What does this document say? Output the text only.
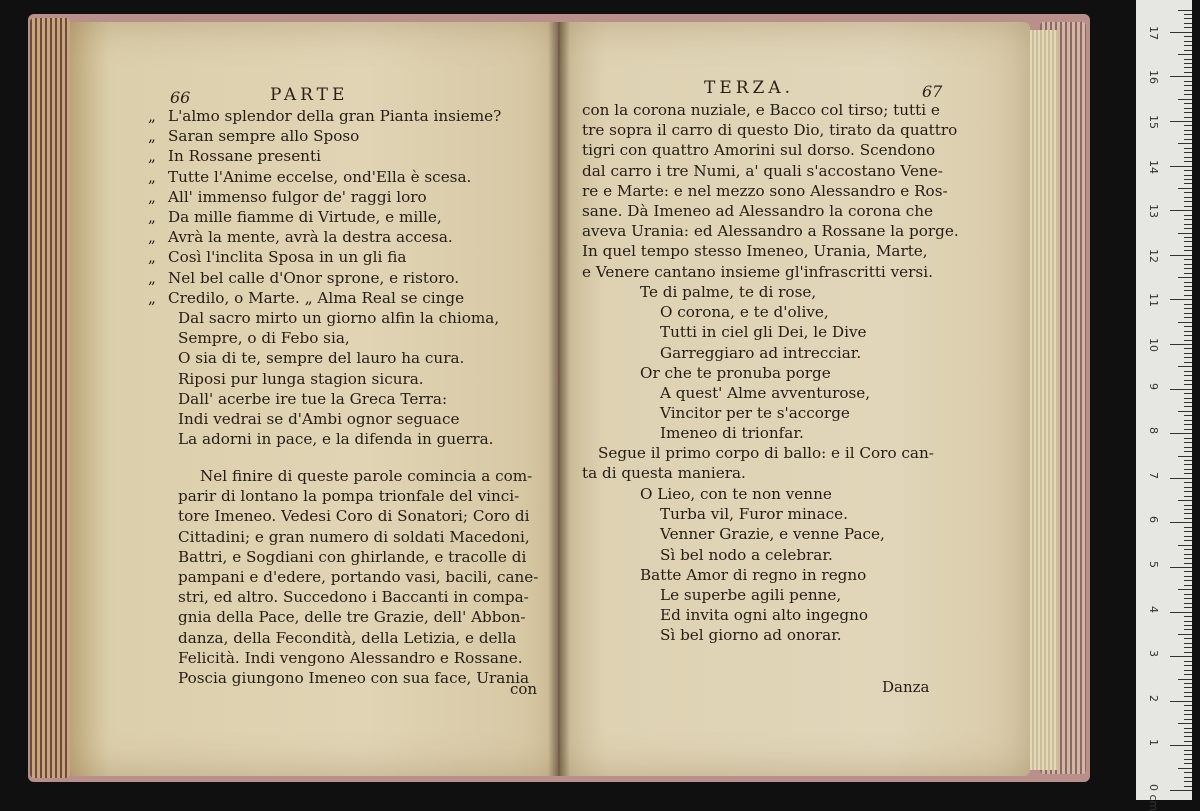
66	PARTE
„ L'almo splendor della gran Pianta insieme?
„ Saran sempre allo Sposo
„ In Rossane presenti
„ Tutte l'Anime eccelse, ond'Ella è scesa.
„ All' immenso fulgor de' raggi loro
„ Da mille fiamme di Virtude, e mille,
„ Avrà la mente, avrà la destra accesa.
„ Così l'inclita Sposa in un gli fia
„ Nel bel calle d'Onor sprone, e ristoro.
„ Credilo, o Marte. „ Alma Real se cinge
Dal sacro mirto un giorno alfin la chioma,
Sempre, o di Febo sia,
O sia di te, sempre del lauro ha cura.
Riposi pur lunga stagion sicura.
Dall' acerbe ire tue la Greca Terra:
Indi vedrai se d'Ambi ognor seguace
La adorni in pace, e la difenda in guerra.
Nel finire di queste parole comincia a com-
parir di lontano la pompa trionfale del vinci-
tore Imeneo. Vedesi Coro di Sonatori; Coro di
Cittadini; e gran numero di soldati Macedoni,
Battri, e Sogdiani con ghirlande, e tracolle di
pampani e d'edere, portando vasi, bacili, cane-
stri, ed altro. Succedono i Baccanti in compa-
gnia della Pace, delle tre Grazie, dell' Abbon-
danza, della Fecondità, della Letizia, e della
Felicità. Indi vengono Alessandro e Rossane.
Poscia giungono Imeneo con sua face, Urania
con
TERZA.	67
con la corona nuziale, e Bacco col tirso; tutti e
tre sopra il carro di questo Dio, tirato da quattro
tigri con quattro Amorini sul dorso. Scendono
dal carro i tre Numi, a' quali s'accostano Vene-
re e Marte: e nel mezzo sono Alessandro e Ros-
sane. Dà Imeneo ad Alessandro la corona che
aveva Urania: ed Alessandro a Rossane la porge.
In quel tempo stesso Imeneo, Urania, Marte,
e Venere cantano insieme gl'infrascritti versi.
Te di palme, te di rose,
O corona, e te d'olive,
Tutti in ciel gli Dei, le Dive
Garreggiaro ad intrecciar.
Or che te pronuba porge
A quest' Alme avventurose,
Vincitor per te s'accorge
Imeneo di trionfar.
Segue il primo corpo di ballo: e il Coro can-
ta di questa maniera.
O Lieo, con te non venne
Turba vil, Furor minace.
Venner Grazie, e venne Pace,
Sì bel nodo a celebrar.
Batte Amor di regno in regno
Le superbe agili penne,
Ed invita ogni alto ingegno
Sì bel giorno ad onorar.
Danza
0 cm
1
2
3
4
5
6
7
8
9
10
11
12
13
14
15
16
17
